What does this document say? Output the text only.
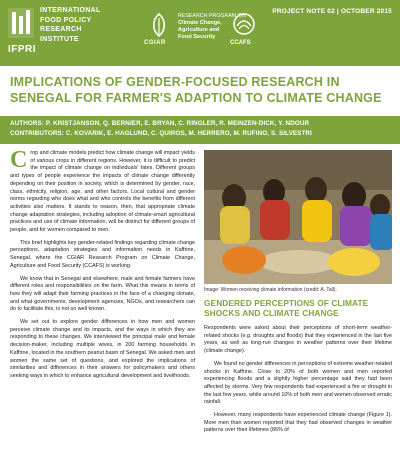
IFPRI
INTERNATIONAL
FOOD POLICY
RESEARCH
INSTITUTE
CGIAR
RESEARCH PROGRAM ON
Climate Change,
Agriculture and
Food Security
CCAFS
PROJECT NOTE 02 | OCTOBER 2015
IMPLICATIONS OF GENDER-FOCUSED RESEARCH IN SENEGAL FOR FARMER'S ADAPTION TO CLIMATE CHANGE
AUTHORS: P. KRISTJANSON, Q. BERNIER, E. BRYAN, C. RINGLER, R. MEINZEN-DICK, Y. NDOUR
CONTRIBUTORS: C. KOVARIK, E. HAGLUND, C. QUIROS, M. HERRERO, M. RUFINO, S. SILVESTRI

Crop and climate models predict how climate change will impact yields of various crops in different regions. However, it is difficult to predict the impact of climate change on individuals' fates. Different groups and types of people experience the impacts of climate change differently depending on their position in society, which is determined by gender, race, class, ethnicity, religion, age, and other factors. Local cultural and gender norms regarding who does what and who controls the benefits from different activities also matters. It stands to reason, then, that appropriate climate change adaptation strategies, including adoption of climate-smart agricultural practices and use of climate information, will be distinct for different groups of people, and for women compared to men.

This brief highlights key gender-related findings regarding climate change perceptions, adaptation strategies and information needs in Kaffrine, Senegal, where the CGIAR Research Program on Climate Change, Agriculture and Food Security (CCAFS) is working.

We know that in Senegal and elsewhere, male and female farmers have different roles and responsibilities on the farm. What this means in terms of how they will adapt their farming practices in the face of a changing climate, and what governments, development agencies, NGOs, and researchers can do to facilitate this, is not so well known.

We set out to explore gender differences in how men and women perceive climate change and its impacts, and the ways in which they are responding to these changes. We interviewed the principal male and female decision-maker, including multiple wives, in 200 farming households in Kaffrine, located in the southern peanut basin of Senegal. We asked men and women the same set of questions, and explored the implications of similarities and differences in their answers for policymakers and others seeking ways in which to enhance agricultural development and livelihoods.

Image: Women receiving climate information (credit: A. Tall).
GENDERED PERCEPTIONS OF CLIMATE SHOCKS AND CLIMATE CHANGE

Respondents were asked about their perceptions of short-term weather-related shocks (e.g. droughts and floods) that they experienced in the last five years, as well as long-run changes in weather patterns over their lifetime (climate change).

We found no gender differences in perceptions of extreme weather-related shocks in Kaffrine. Close to 20% of both women and men reported experiencing floods and a slightly higher percentage said they had been affected by storms. Very few respondents had experienced a fire or drought in the last few years, while around 10% of both men and women observed erratic rainfall.

However, many respondents have experienced climate change (Figure 1). More men than women reported that they had observed changes in weather patterns over their lifetimes (86% of
